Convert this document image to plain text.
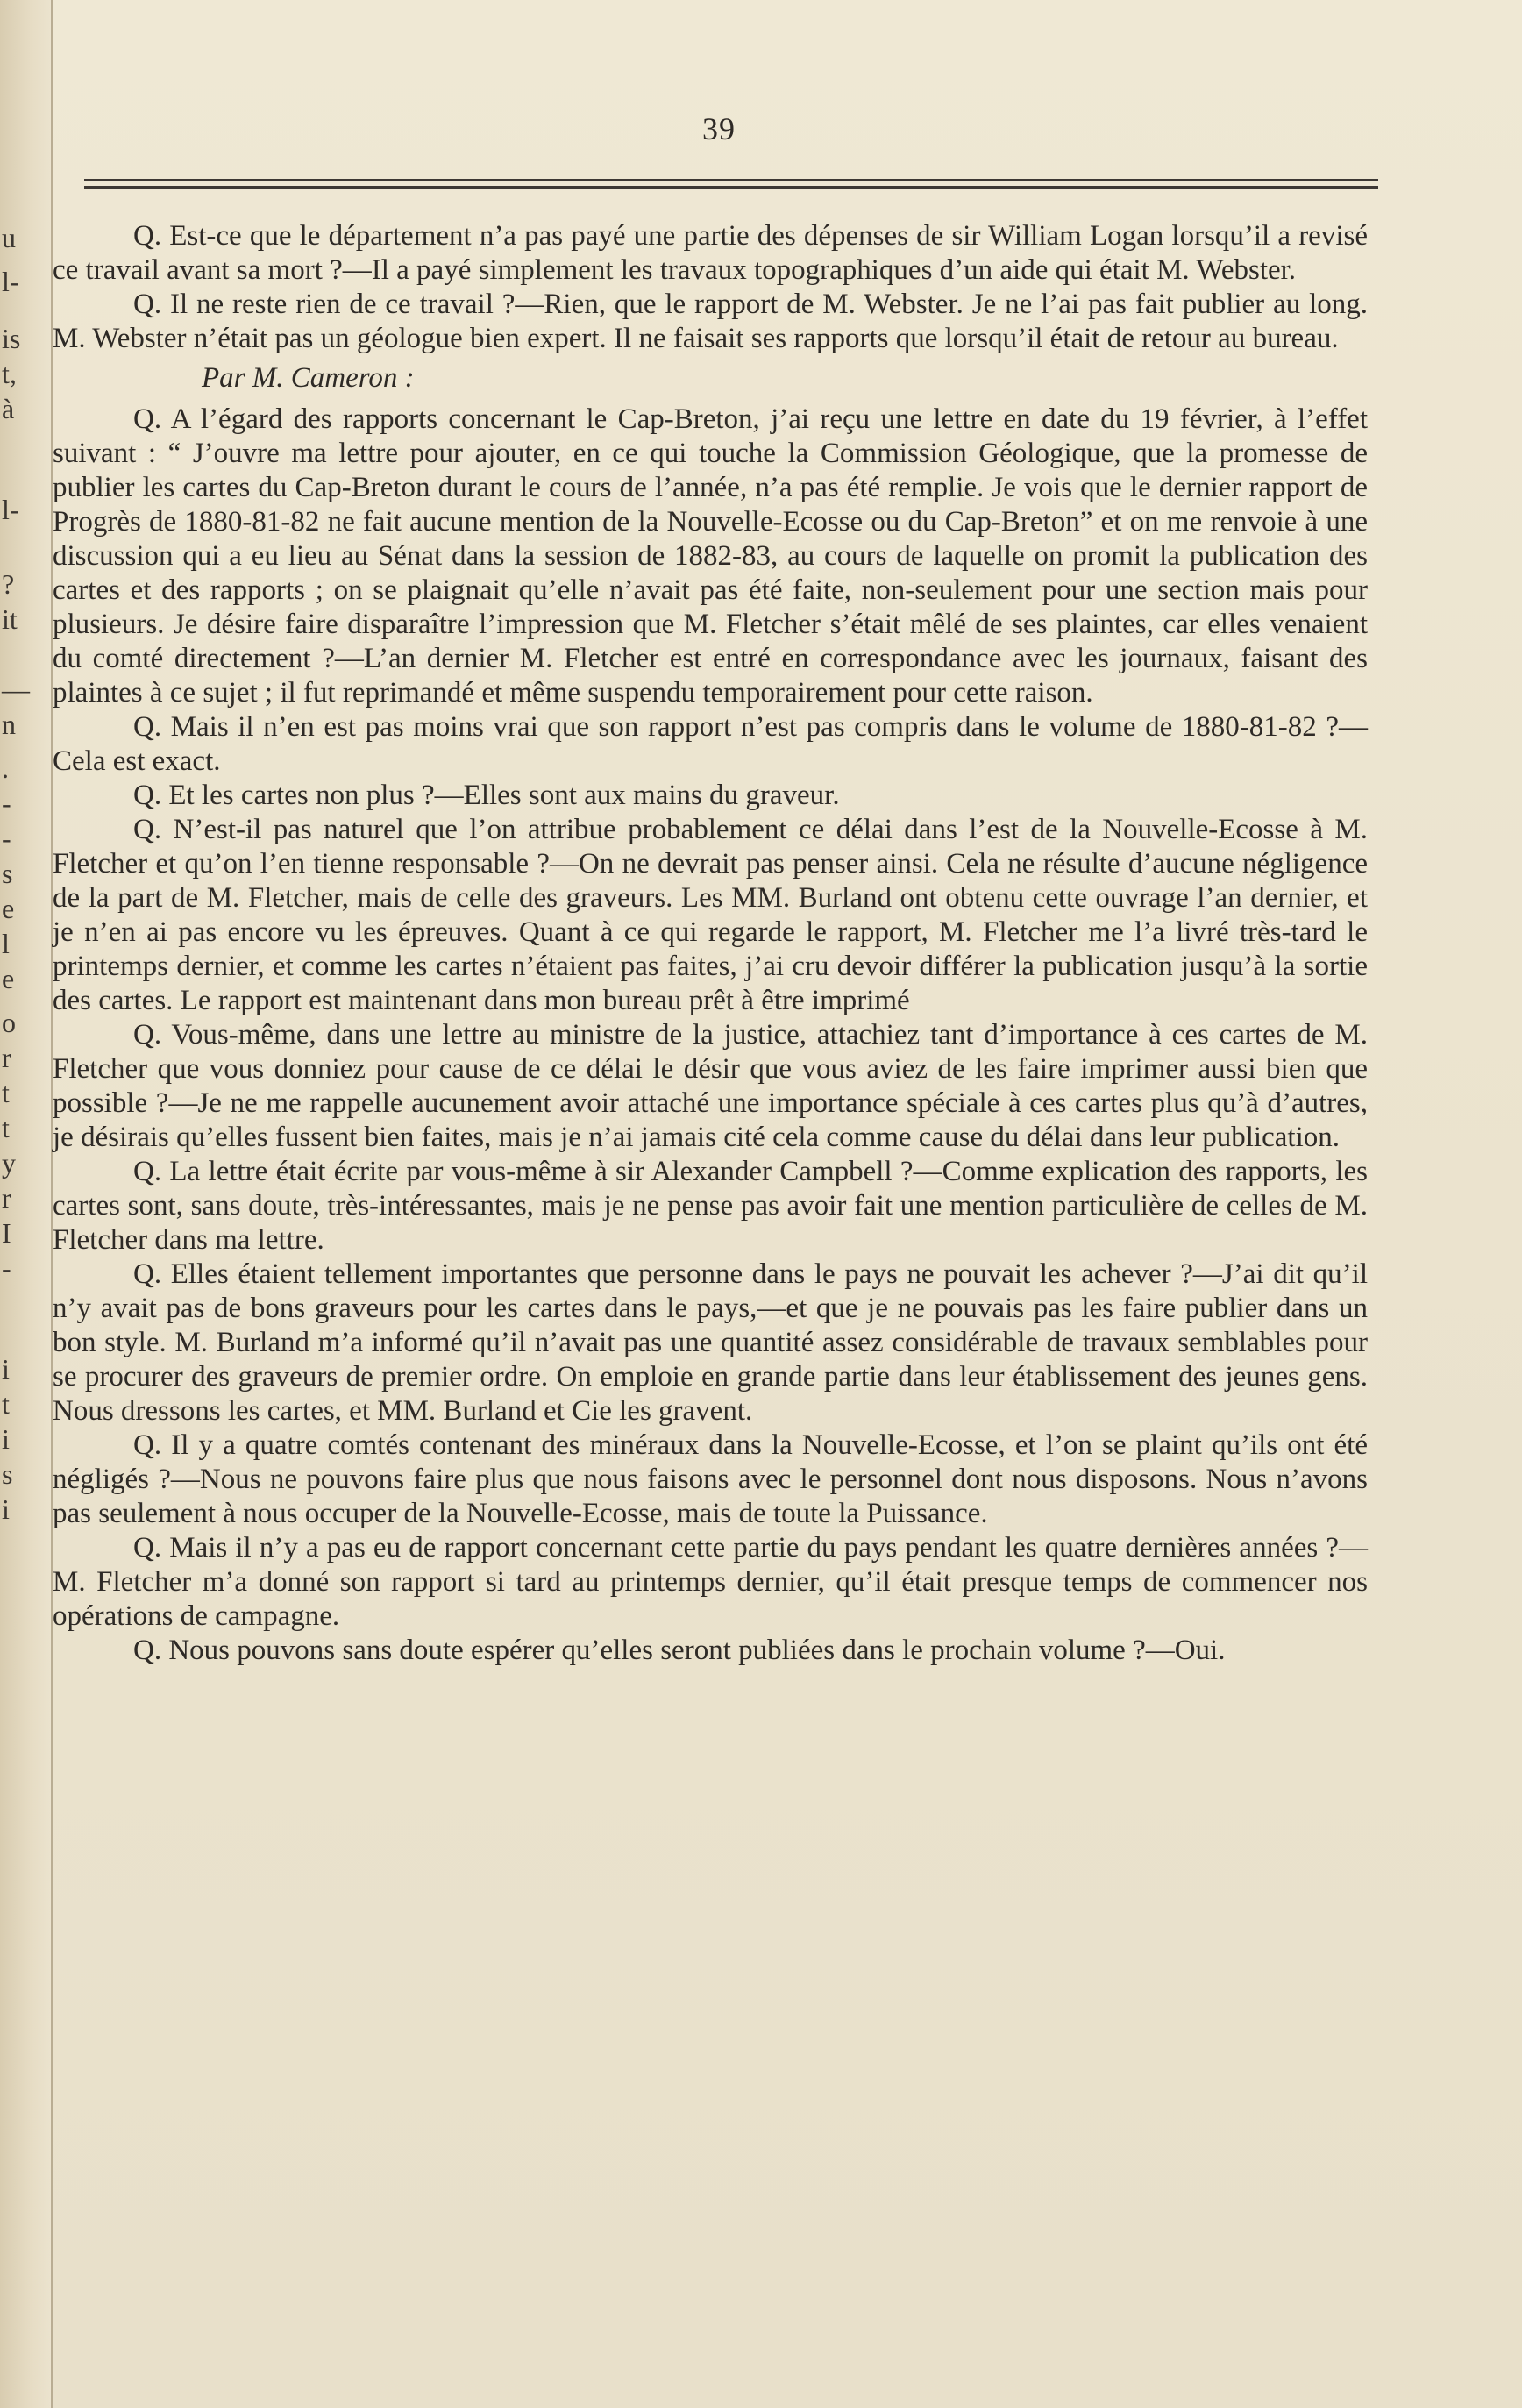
u
l-
is
t,
à
l-
?
it
—
n
.
-
-
s
e
l
e
o
r
t
t
y
r
I
-
i
t
i
s
i
39

Q. Est-ce que le département n’a pas payé une partie des dépenses de sir William Logan lorsqu’il a revisé ce travail avant sa mort ?—Il a payé simplement les travaux topographiques d’un aide qui était M. Webster.

Q. Il ne reste rien de ce travail ?—Rien, que le rapport de M. Webster. Je ne l’ai pas fait publier au long. M. Webster n’était pas un géologue bien expert. Il ne faisait ses rapports que lorsqu’il était de retour au bureau.

Par M. Cameron :

Q. A l’égard des rapports concernant le Cap-Breton, j’ai reçu une lettre en date du 19 février, à l’effet suivant : “ J’ouvre ma lettre pour ajouter, en ce qui touche la Commission Géologique, que la promesse de publier les cartes du Cap-Breton durant le cours de l’année, n’a pas été remplie. Je vois que le dernier rapport de Progrès de 1880-81-82 ne fait aucune mention de la Nouvelle-Ecosse ou du Cap-Breton” et on me renvoie à une discussion qui a eu lieu au Sénat dans la session de 1882-83, au cours de laquelle on promit la publication des cartes et des rapports ; on se plaignait qu’elle n’avait pas été faite, non-seulement pour une section mais pour plusieurs. Je désire faire disparaître l’impression que M. Fletcher s’était mêlé de ses plaintes, car elles venaient du comté directement ?—L’an dernier M. Fletcher est entré en correspondance avec les journaux, faisant des plaintes à ce sujet ; il fut reprimandé et même suspendu temporairement pour cette raison.

Q. Mais il n’en est pas moins vrai que son rapport n’est pas compris dans le volume de 1880-81-82 ?—Cela est exact.

Q. Et les cartes non plus ?—Elles sont aux mains du graveur.

Q. N’est-il pas naturel que l’on attribue probablement ce délai dans l’est de la Nouvelle-Ecosse à M. Fletcher et qu’on l’en tienne responsable ?—On ne devrait pas penser ainsi. Cela ne résulte d’aucune négligence de la part de M. Fletcher, mais de celle des graveurs. Les MM. Burland ont obtenu cette ouvrage l’an dernier, et je n’en ai pas encore vu les épreuves. Quant à ce qui regarde le rapport, M. Fletcher me l’a livré très-tard le printemps dernier, et comme les cartes n’étaient pas faites, j’ai cru devoir différer la publication jusqu’à la sortie des cartes. Le rapport est maintenant dans mon bureau prêt à être imprimé

Q. Vous-même, dans une lettre au ministre de la justice, attachiez tant d’importance à ces cartes de M. Fletcher que vous donniez pour cause de ce délai le désir que vous aviez de les faire imprimer aussi bien que possible ?—Je ne me rappelle aucunement avoir attaché une importance spéciale à ces cartes plus qu’à d’autres, je désirais qu’elles fussent bien faites, mais je n’ai jamais cité cela comme cause du délai dans leur publication.

Q. La lettre était écrite par vous-même à sir Alexander Campbell ?—Comme explication des rapports, les cartes sont, sans doute, très-intéressantes, mais je ne pense pas avoir fait une mention particulière de celles de M. Fletcher dans ma lettre.

Q. Elles étaient tellement importantes que personne dans le pays ne pouvait les achever ?—J’ai dit qu’il n’y avait pas de bons graveurs pour les cartes dans le pays,—et que je ne pouvais pas les faire publier dans un bon style. M. Burland m’a informé qu’il n’avait pas une quantité assez considérable de travaux semblables pour se procurer des graveurs de premier ordre. On emploie en grande partie dans leur établissement des jeunes gens. Nous dressons les cartes, et MM. Burland et Cie les gravent.

Q. Il y a quatre comtés contenant des minéraux dans la Nouvelle-Ecosse, et l’on se plaint qu’ils ont été négligés ?—Nous ne pouvons faire plus que nous faisons avec le personnel dont nous disposons. Nous n’avons pas seulement à nous occuper de la Nouvelle-Ecosse, mais de toute la Puissance.

Q. Mais il n’y a pas eu de rapport concernant cette partie du pays pendant les quatre dernières années ?—M. Fletcher m’a donné son rapport si tard au printemps dernier, qu’il était presque temps de commencer nos opérations de campagne.

Q. Nous pouvons sans doute espérer qu’elles seront publiées dans le prochain volume ?—Oui.
